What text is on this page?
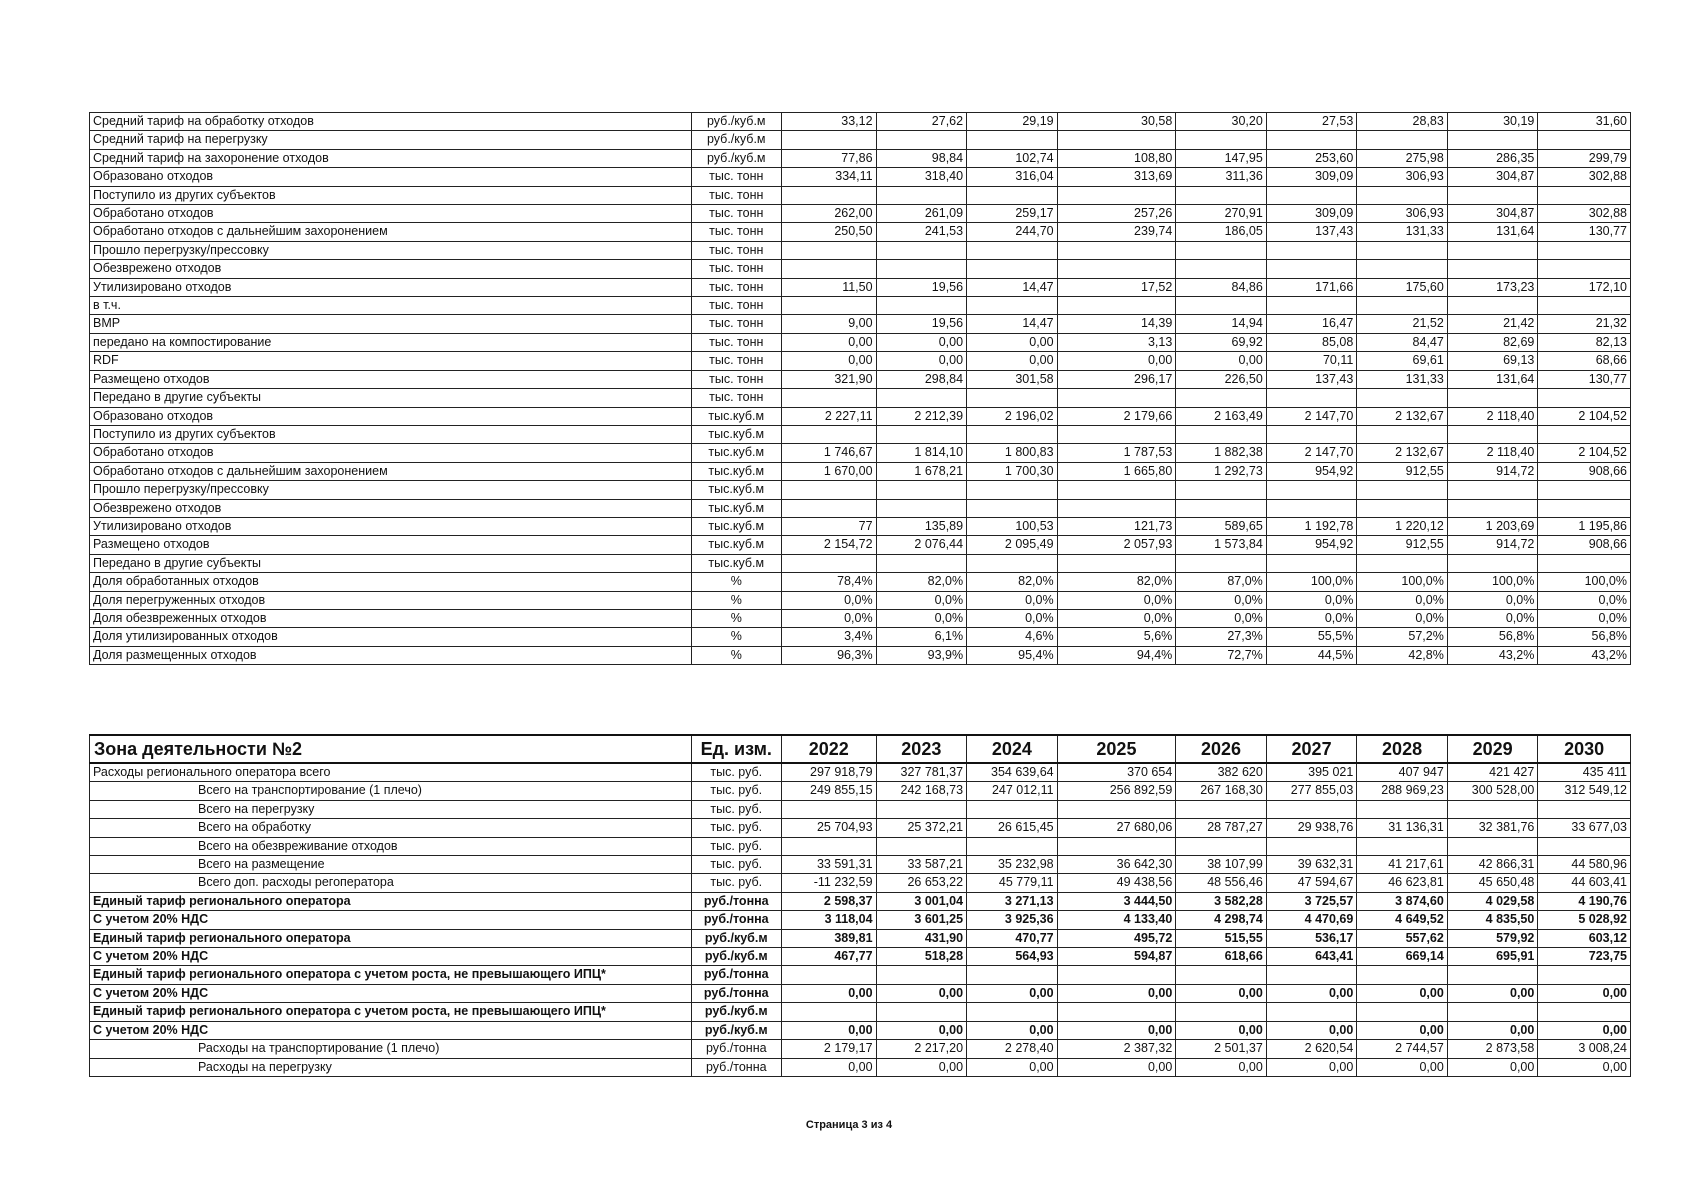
Средний тариф на обработку отходов	руб./куб.м	33,12	27,62	29,19	30,58	30,20	27,53	28,83	30,19	31,60
Средний тариф на перегрузку	руб./куб.м									
Средний тариф на захоронение отходов	руб./куб.м	77,86	98,84	102,74	108,80	147,95	253,60	275,98	286,35	299,79
Образовано отходов	тыс. тонн	334,11	318,40	316,04	313,69	311,36	309,09	306,93	304,87	302,88
Поступило из других субъектов	тыс. тонн									
Обработано отходов	тыс. тонн	262,00	261,09	259,17	257,26	270,91	309,09	306,93	304,87	302,88
Обработано отходов с дальнейшим захоронением	тыс. тонн	250,50	241,53	244,70	239,74	186,05	137,43	131,33	131,64	130,77
Прошло перегрузку/прессовку	тыс. тонн									
Обезврежено отходов	тыс. тонн									
Утилизировано отходов	тыс. тонн	11,50	19,56	14,47	17,52	84,86	171,66	175,60	173,23	172,10
в т.ч.	тыс. тонн									
ВМР	тыс. тонн	9,00	19,56	14,47	14,39	14,94	16,47	21,52	21,42	21,32
передано на компостирование	тыс. тонн	0,00	0,00	0,00	3,13	69,92	85,08	84,47	82,69	82,13
RDF	тыс. тонн	0,00	0,00	0,00	0,00	0,00	70,11	69,61	69,13	68,66
Размещено отходов	тыс. тонн	321,90	298,84	301,58	296,17	226,50	137,43	131,33	131,64	130,77
Передано в другие субъекты	тыс. тонн									
Образовано отходов	тыс.куб.м	2 227,11	2 212,39	2 196,02	2 179,66	2 163,49	2 147,70	2 132,67	2 118,40	2 104,52
Поступило из других субъектов	тыс.куб.м									
Обработано отходов	тыс.куб.м	1 746,67	1 814,10	1 800,83	1 787,53	1 882,38	2 147,70	2 132,67	2 118,40	2 104,52
Обработано отходов с дальнейшим захоронением	тыс.куб.м	1 670,00	1 678,21	1 700,30	1 665,80	1 292,73	954,92	912,55	914,72	908,66
Прошло перегрузку/прессовку	тыс.куб.м									
Обезврежено отходов	тыс.куб.м									
Утилизировано отходов	тыс.куб.м	77	135,89	100,53	121,73	589,65	1 192,78	1 220,12	1 203,69	1 195,86
Размещено отходов	тыс.куб.м	2 154,72	2 076,44	2 095,49	2 057,93	1 573,84	954,92	912,55	914,72	908,66
Передано в другие субъекты	тыс.куб.м									
Доля обработанных отходов	%	78,4%	82,0%	82,0%	82,0%	87,0%	100,0%	100,0%	100,0%	100,0%
Доля перегруженных отходов	%	0,0%	0,0%	0,0%	0,0%	0,0%	0,0%	0,0%	0,0%	0,0%
Доля обезвреженных отходов	%	0,0%	0,0%	0,0%	0,0%	0,0%	0,0%	0,0%	0,0%	0,0%
Доля утилизированных отходов	%	3,4%	6,1%	4,6%	5,6%	27,3%	55,5%	57,2%	56,8%	56,8%
Доля размещенных отходов	%	96,3%	93,9%	95,4%	94,4%	72,7%	44,5%	42,8%	43,2%	43,2%
Зона деятельности №2	Ед. изм.	2022	2023	2024	2025	2026	2027	2028	2029	2030
Расходы регионального оператора всего	тыс. руб.	297 918,79	327 781,37	354 639,64	370 654	382 620	395 021	407 947	421 427	435 411
Всего на транспортирование (1 плечо)	тыс. руб.	249 855,15	242 168,73	247 012,11	256 892,59	267 168,30	277 855,03	288 969,23	300 528,00	312 549,12
Всего на перегрузку	тыс. руб.									
Всего на обработку	тыс. руб.	25 704,93	25 372,21	26 615,45	27 680,06	28 787,27	29 938,76	31 136,31	32 381,76	33 677,03
Всего на обезвреживание отходов	тыс. руб.									
Всего на размещение	тыс. руб.	33 591,31	33 587,21	35 232,98	36 642,30	38 107,99	39 632,31	41 217,61	42 866,31	44 580,96
Всего доп. расходы регоператора	тыс. руб.	-11 232,59	26 653,22	45 779,11	49 438,56	48 556,46	47 594,67	46 623,81	45 650,48	44 603,41
Единый тариф регионального оператора	руб./тонна	2 598,37	3 001,04	3 271,13	3 444,50	3 582,28	3 725,57	3 874,60	4 029,58	4 190,76
С учетом 20% НДС	руб./тонна	3 118,04	3 601,25	3 925,36	4 133,40	4 298,74	4 470,69	4 649,52	4 835,50	5 028,92
Единый тариф регионального оператора	руб./куб.м	389,81	431,90	470,77	495,72	515,55	536,17	557,62	579,92	603,12
С учетом 20% НДС	руб./куб.м	467,77	518,28	564,93	594,87	618,66	643,41	669,14	695,91	723,75
Единый тариф регионального оператора с учетом роста, не превышающего ИПЦ*	руб./тонна									
С учетом 20% НДС	руб./тонна	0,00	0,00	0,00	0,00	0,00	0,00	0,00	0,00	0,00
Единый тариф регионального оператора с учетом роста, не превышающего ИПЦ*	руб./куб.м									
С учетом 20% НДС	руб./куб.м	0,00	0,00	0,00	0,00	0,00	0,00	0,00	0,00	0,00
Расходы на транспортирование (1 плечо)	руб./тонна	2 179,17	2 217,20	2 278,40	2 387,32	2 501,37	2 620,54	2 744,57	2 873,58	3 008,24
Расходы на перегрузку	руб./тонна	0,00	0,00	0,00	0,00	0,00	0,00	0,00	0,00	0,00
Страница 3 из 4
